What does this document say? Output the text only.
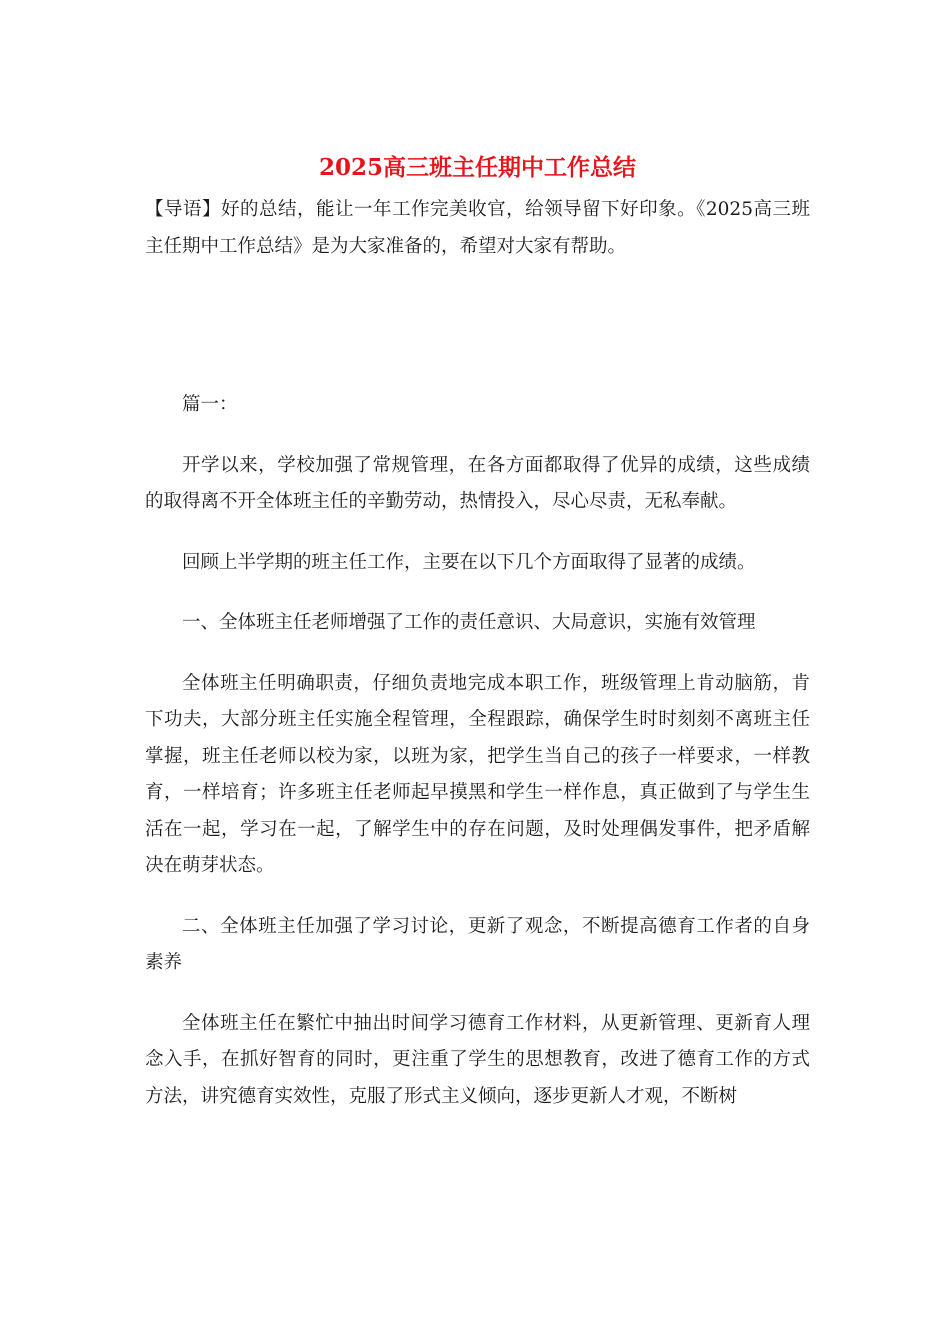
2025高三班主任期中工作总结

【导语】好的总结，能让一年工作完美收官，给领导留下好印象。《2025高三班主任期中工作总结》是为大家准备的，希望对大家有帮助。

篇一：

开学以来，学校加强了常规管理，在各方面都取得了优异的成绩，这些成绩的取得离不开全体班主任的辛勤劳动，热情投入，尽心尽责，无私奉献。

回顾上半学期的班主任工作，主要在以下几个方面取得了显著的成绩。

一、全体班主任老师增强了工作的责任意识、大局意识，实施有效管理

全体班主任明确职责，仔细负责地完成本职工作，班级管理上肯动脑筋，肯下功夫，大部分班主任实施全程管理，全程跟踪，确保学生时时刻刻不离班主任掌握，班主任老师以校为家，以班为家，把学生当自己的孩子一样要求，一样教育，一样培育；许多班主任老师起早摸黑和学生一样作息，真正做到了与学生生活在一起，学习在一起，了解学生中的存在问题，及时处理偶发事件，把矛盾解决在萌芽状态。

二、全体班主任加强了学习讨论，更新了观念，不断提高德育工作者的自身素养

全体班主任在繁忙中抽出时间学习德育工作材料，从更新管理、更新育人理念入手，在抓好智育的同时，更注重了学生的思想教育，改进了德育工作的方式方法，讲究德育实效性，克服了形式主义倾向，逐步更新人才观，不断树
